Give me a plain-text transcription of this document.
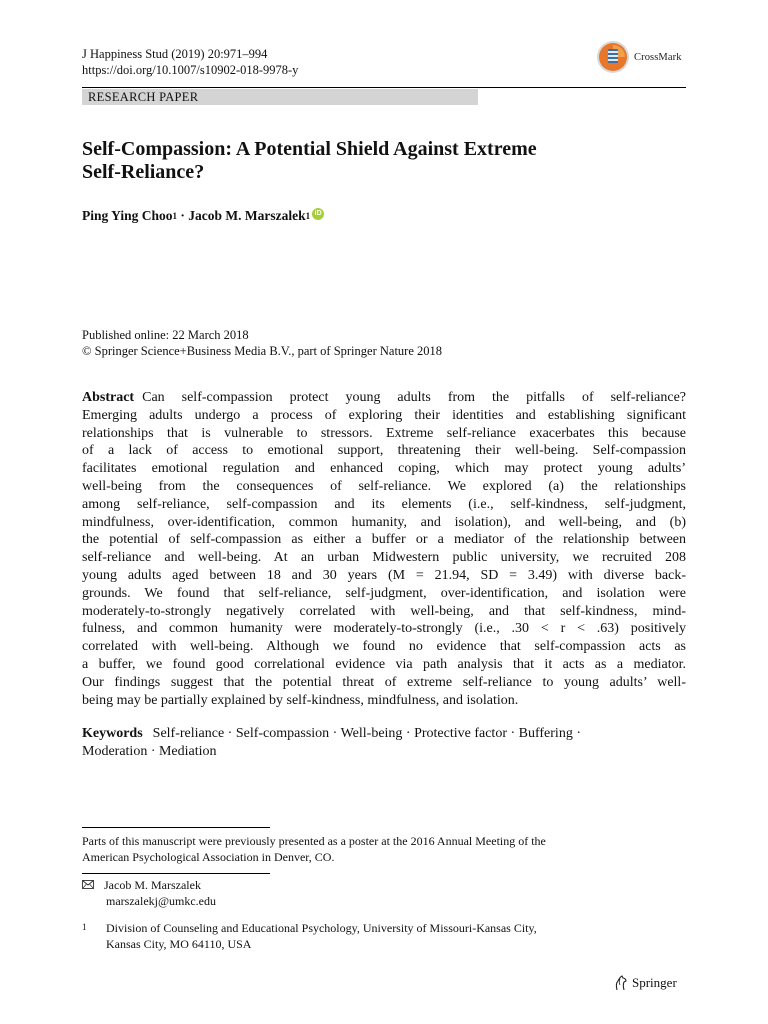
J Happiness Stud (2019) 20:971–994
https://doi.org/10.1007/s10902-018-9978-y
CrossMark
RESEARCH PAPER
Self-Compassion: A Potential Shield Against Extreme
Self-Reliance?
Ping Ying Choo 1 · Jacob M. Marszalek 1 iD
Published online: 22 March 2018
© Springer Science+Business Media B.V., part of Springer Nature 2018
Abstract Can self-compassion protect young adults from the pitfalls of self-reliance?
Emerging adults undergo a process of exploring their identities and establishing significant
relationships that is vulnerable to stressors. Extreme self-reliance exacerbates this because
of a lack of access to emotional support, threatening their well-being. Self-compassion
facilitates emotional regulation and enhanced coping, which may protect young adults’
well-being from the consequences of self-reliance. We explored (a) the relationships
among self-reliance, self-compassion and its elements (i.e., self-kindness, self-judgment,
mindfulness, over-identification, common humanity, and isolation), and well-being, and (b)
the potential of self-compassion as either a buffer or a mediator of the relationship between
self-reliance and well-being. At an urban Midwestern public university, we recruited 208
young adults aged between 18 and 30 years (M = 21.94, SD = 3.49) with diverse back-
grounds. We found that self-reliance, self-judgment, over-identification, and isolation were
moderately-to-strongly negatively correlated with well-being, and that self-kindness, mind-
fulness, and common humanity were moderately-to-strongly (i.e., .30 < r < .63) positively
correlated with well-being. Although we found no evidence that self-compassion acts as
a buffer, we found good correlational evidence via path analysis that it acts as a mediator.
Our findings suggest that the potential threat of extreme self-reliance to young adults’ well-
being may be partially explained by self-kindness, mindfulness, and isolation.
Keywords Self-reliance · Self-compassion · Well-being · Protective factor · Buffering ·
Moderation · Mediation
Parts of this manuscript were previously presented as a poster at the 2016 Annual Meeting of the
American Psychological Association in Denver, CO.
Jacob M. Marszalek
marszalekj@umkc.edu
1	Division of Counseling and Educational Psychology, University of Missouri-Kansas City,
Kansas City, MO 64110, USA
Springer
